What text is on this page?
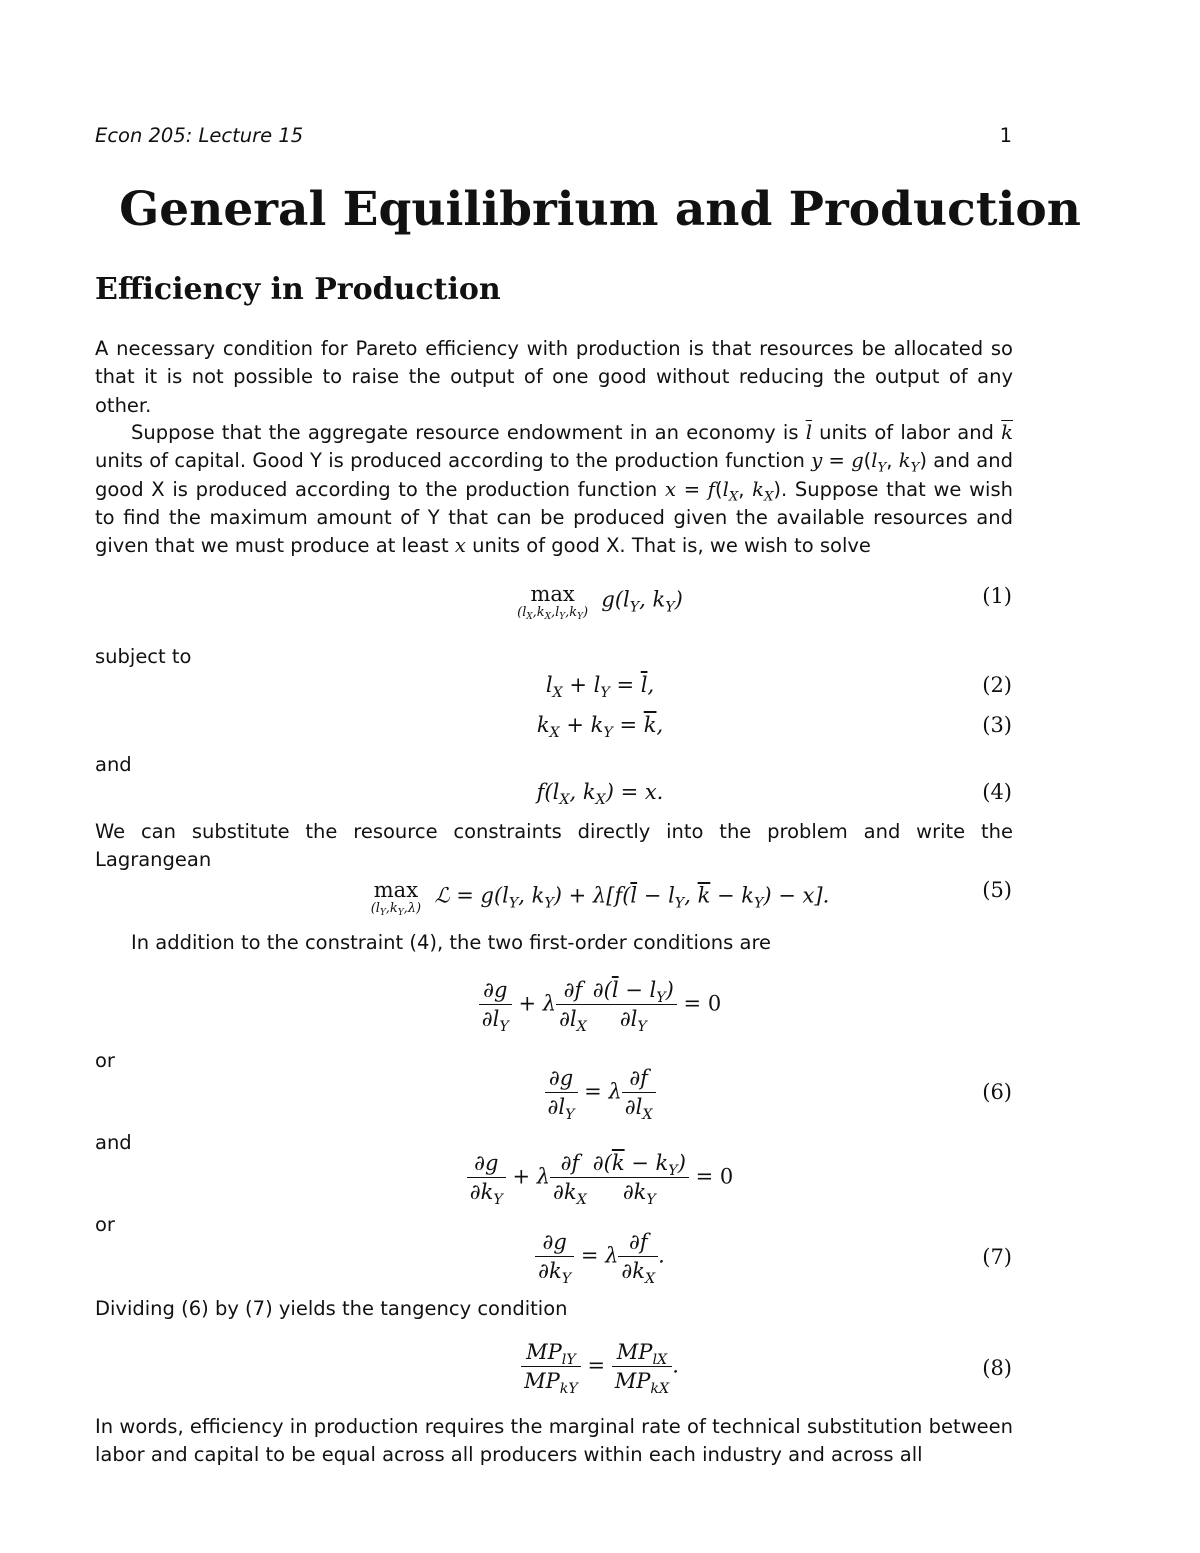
Econ 205: Lecture 15	1
General Equilibrium and Production
Efficiency in Production
A necessary condition for Pareto efficiency with production is that resources be allocated so that it is not possible to raise the output of one good without reducing the output of any other.
Suppose that the aggregate resource endowment in an economy is $\overline{l}$ units of labor and $\overline{k}$ units of capital. Good Y is produced according to the production function $y = g(l_Y$, $k_Y$) and and good X is produced according to the production function $x = f(l_X$, $k_X$). Suppose that we wish to find the maximum amount of Y that can be produced given the available resources and given that we must produce at least x units of good X. That is, we wish to solve
max
$(l_X,k_X,l_Y,k_Y)$
$g(l_Y$, $k_Y$)	(1)
subject to
$l_X + l_Y = \overline{l}$,	(2)
$k_X + k_Y = \overline{k}$,	(3)
and
$f(l_X$, $k_X) = x$.	(4)
We can substitute the resource constraints directly into the problem and write the Lagrangean
max
$(l_Y,k_Y,\lambda)$
ℒ = $g(l_Y$, $k_Y) + \lambda[f(\overline{l} - l_Y$, $\overline{k} - k_Y) - x$].	(5)
In addition to the constraint (4), the two first-order conditions are
$\frac{\partial g}{\partial l_Y} + \lambda \frac{\partial f}{\partial l_X} \frac{\partial(\overline{l} - l_Y)}{\partial l_Y} = 0$
or
$\frac{\partial g}{\partial l_Y} = \lambda \frac{\partial f}{\partial l_X}$	(6)
and
$\frac{\partial g}{\partial k_Y} + \lambda \frac{\partial f}{\partial k_X} \frac{\partial(\overline{k} - k_Y)}{\partial k_Y} = 0$
or
$\frac{\partial g}{\partial k_Y} = \lambda \frac{\partial f}{\partial k_X}$ .	(7)
Dividing (6) by (7) yields the tangency condition
$\frac{MP_{lY}}{MP_{kY}} = \frac{MP_{lX}}{MP_{kX}}$ .	(8)
In words, efficiency in production requires the marginal rate of technical substitution between labor and capital to be equal across all producers within each industry and across all
